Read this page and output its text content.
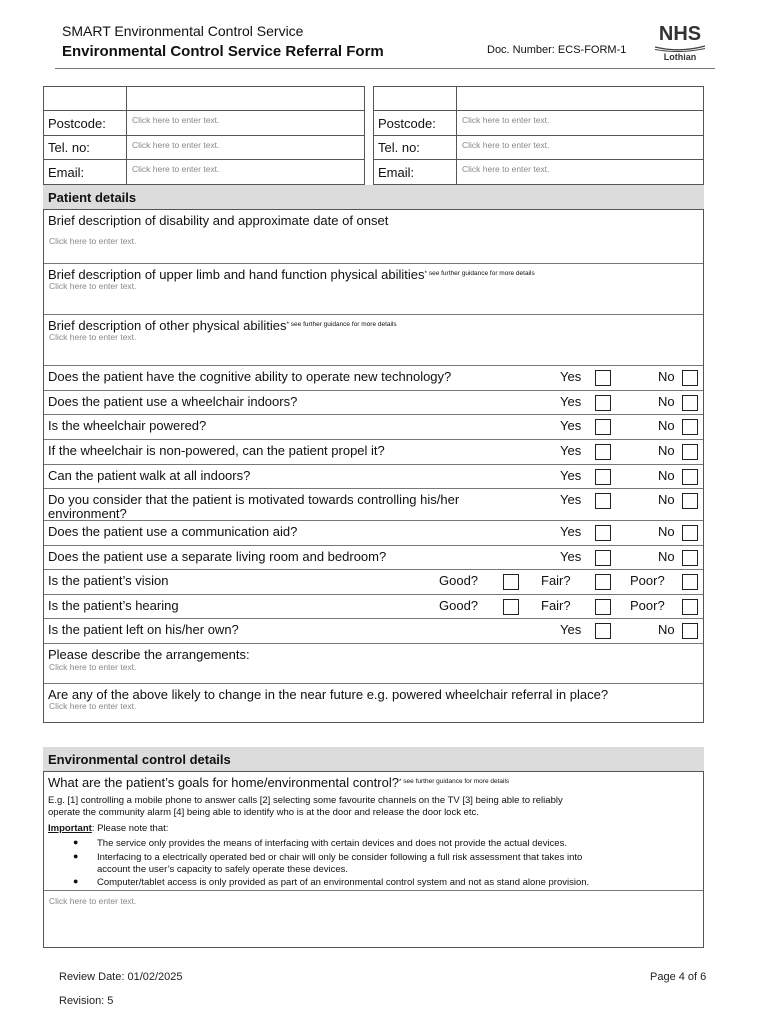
SMART Environmental Control Service
Environmental Control Service Referral Form	Doc. Number: ECS-FORM-1
NHS
Lothian
Postcode:	Click here to enter text.
Tel. no:	Click here to enter text.
Email:	Click here to enter text.
Postcode:	Click here to enter text.
Tel. no:	Click here to enter text.
Email:	Click here to enter text.
Patient details
Brief description of disability and approximate date of onset
Click here to enter text.
Brief description of upper limb and hand function physical abilities$^{* see further guidance for more details}$
Click here to enter text.
Brief description of other physical abilities$^{* see further guidance for more details}$
Click here to enter text.
Does the patient have the cognitive ability to operate new technology?	Yes	No
Does the patient use a wheelchair indoors?	Yes	No
Is the wheelchair powered?	Yes	No
If the wheelchair is non-powered, can the patient propel it?	Yes	No
Can the patient walk at all indoors?	Yes	No
Do you consider that the patient is motivated towards controlling his/her environment?
Yes	No
Does the patient use a communication aid?	Yes	No
Does the patient use a separate living room and bedroom?	Yes	No
Is the patient’s vision	Good?	Fair?	Poor?
Is the patient’s hearing	Good?	Fair?	Poor?
Is the patient left on his/her own?	Yes	No
Please describe the arrangements:
Click here to enter text.
Are any of the above likely to change in the near future e.g. powered wheelchair referral in place?
Click here to enter text.
Environmental control details
What are the patient’s goals for home/environmental control?$^{* see further guidance for more details}$
E.g. [1] controlling a mobile phone to answer calls [2] selecting some favourite channels on the TV [3] being able to reliably
operate the community alarm [4] being able to identify who is at the door and release the door lock etc.
Important: Please note that:
● The service only provides the means of interfacing with certain devices and does not provide the actual devices.
● Interfacing to a electrically operated bed or chair will only be consider following a full risk assessment that takes into
account the user’s capacity to safely operate these devices.
● Computer/tablet access is only provided as part of an environmental control system and not as stand alone provision.
Click here to enter text.
Review Date: 01/02/2025	Page 4 of 6
Revision: 5
